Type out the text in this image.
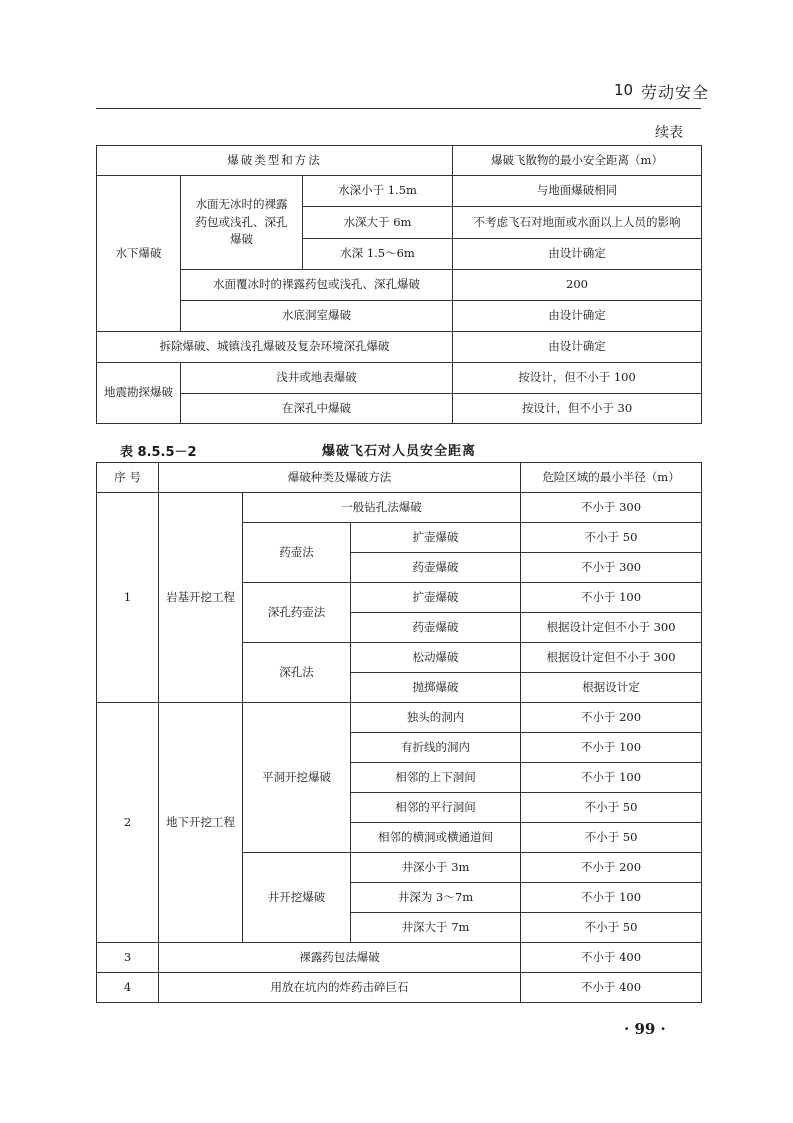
10 劳动安全
续表
爆破类型和方法			爆破飞散物的最小安全距离（m）
水下爆破	水面无冰时的裸露药包或浅孔、深孔爆破	水深小于 1.5m	与地面爆破相同
		水深大于 6m	不考虑飞石对地面或水面以上人员的影响
		水深 1.5～6m	由设计确定
	水面覆冰时的裸露药包或浅孔、深孔爆破		200
	水底洞室爆破		由设计确定
拆除爆破、城镇浅孔爆破及复杂环境深孔爆破			由设计确定
地震勘探爆破	浅井或地表爆破		按设计，但不小于 100
	在深孔中爆破		按设计，但不小于 30
表 8.5.5－2	爆破飞石对人员安全距离
序 号	爆破种类及爆破方法			危险区域的最小半径（m）
1	岩基开挖工程	一般钻孔法爆破		不小于 300
		药壶法	扩壶爆破	不小于 50
			药壶爆破	不小于 300
		深孔药壶法	扩壶爆破	不小于 100
			药壶爆破	根据设计定但不小于 300
		深孔法	松动爆破	根据设计定但不小于 300
			抛掷爆破	根据设计定
2	地下开挖工程	平洞开挖爆破	独头的洞内	不小于 200
			有折线的洞内	不小于 100
			相邻的上下洞间	不小于 100
			相邻的平行洞间	不小于 50
			相邻的横洞或横通道间	不小于 50
		井开挖爆破	井深小于 3m	不小于 200
			井深为 3～7m	不小于 100
			井深大于 7m	不小于 50
3	裸露药包法爆破			不小于 400
4	用放在坑内的炸药击碎巨石			不小于 400
· 99 ·
